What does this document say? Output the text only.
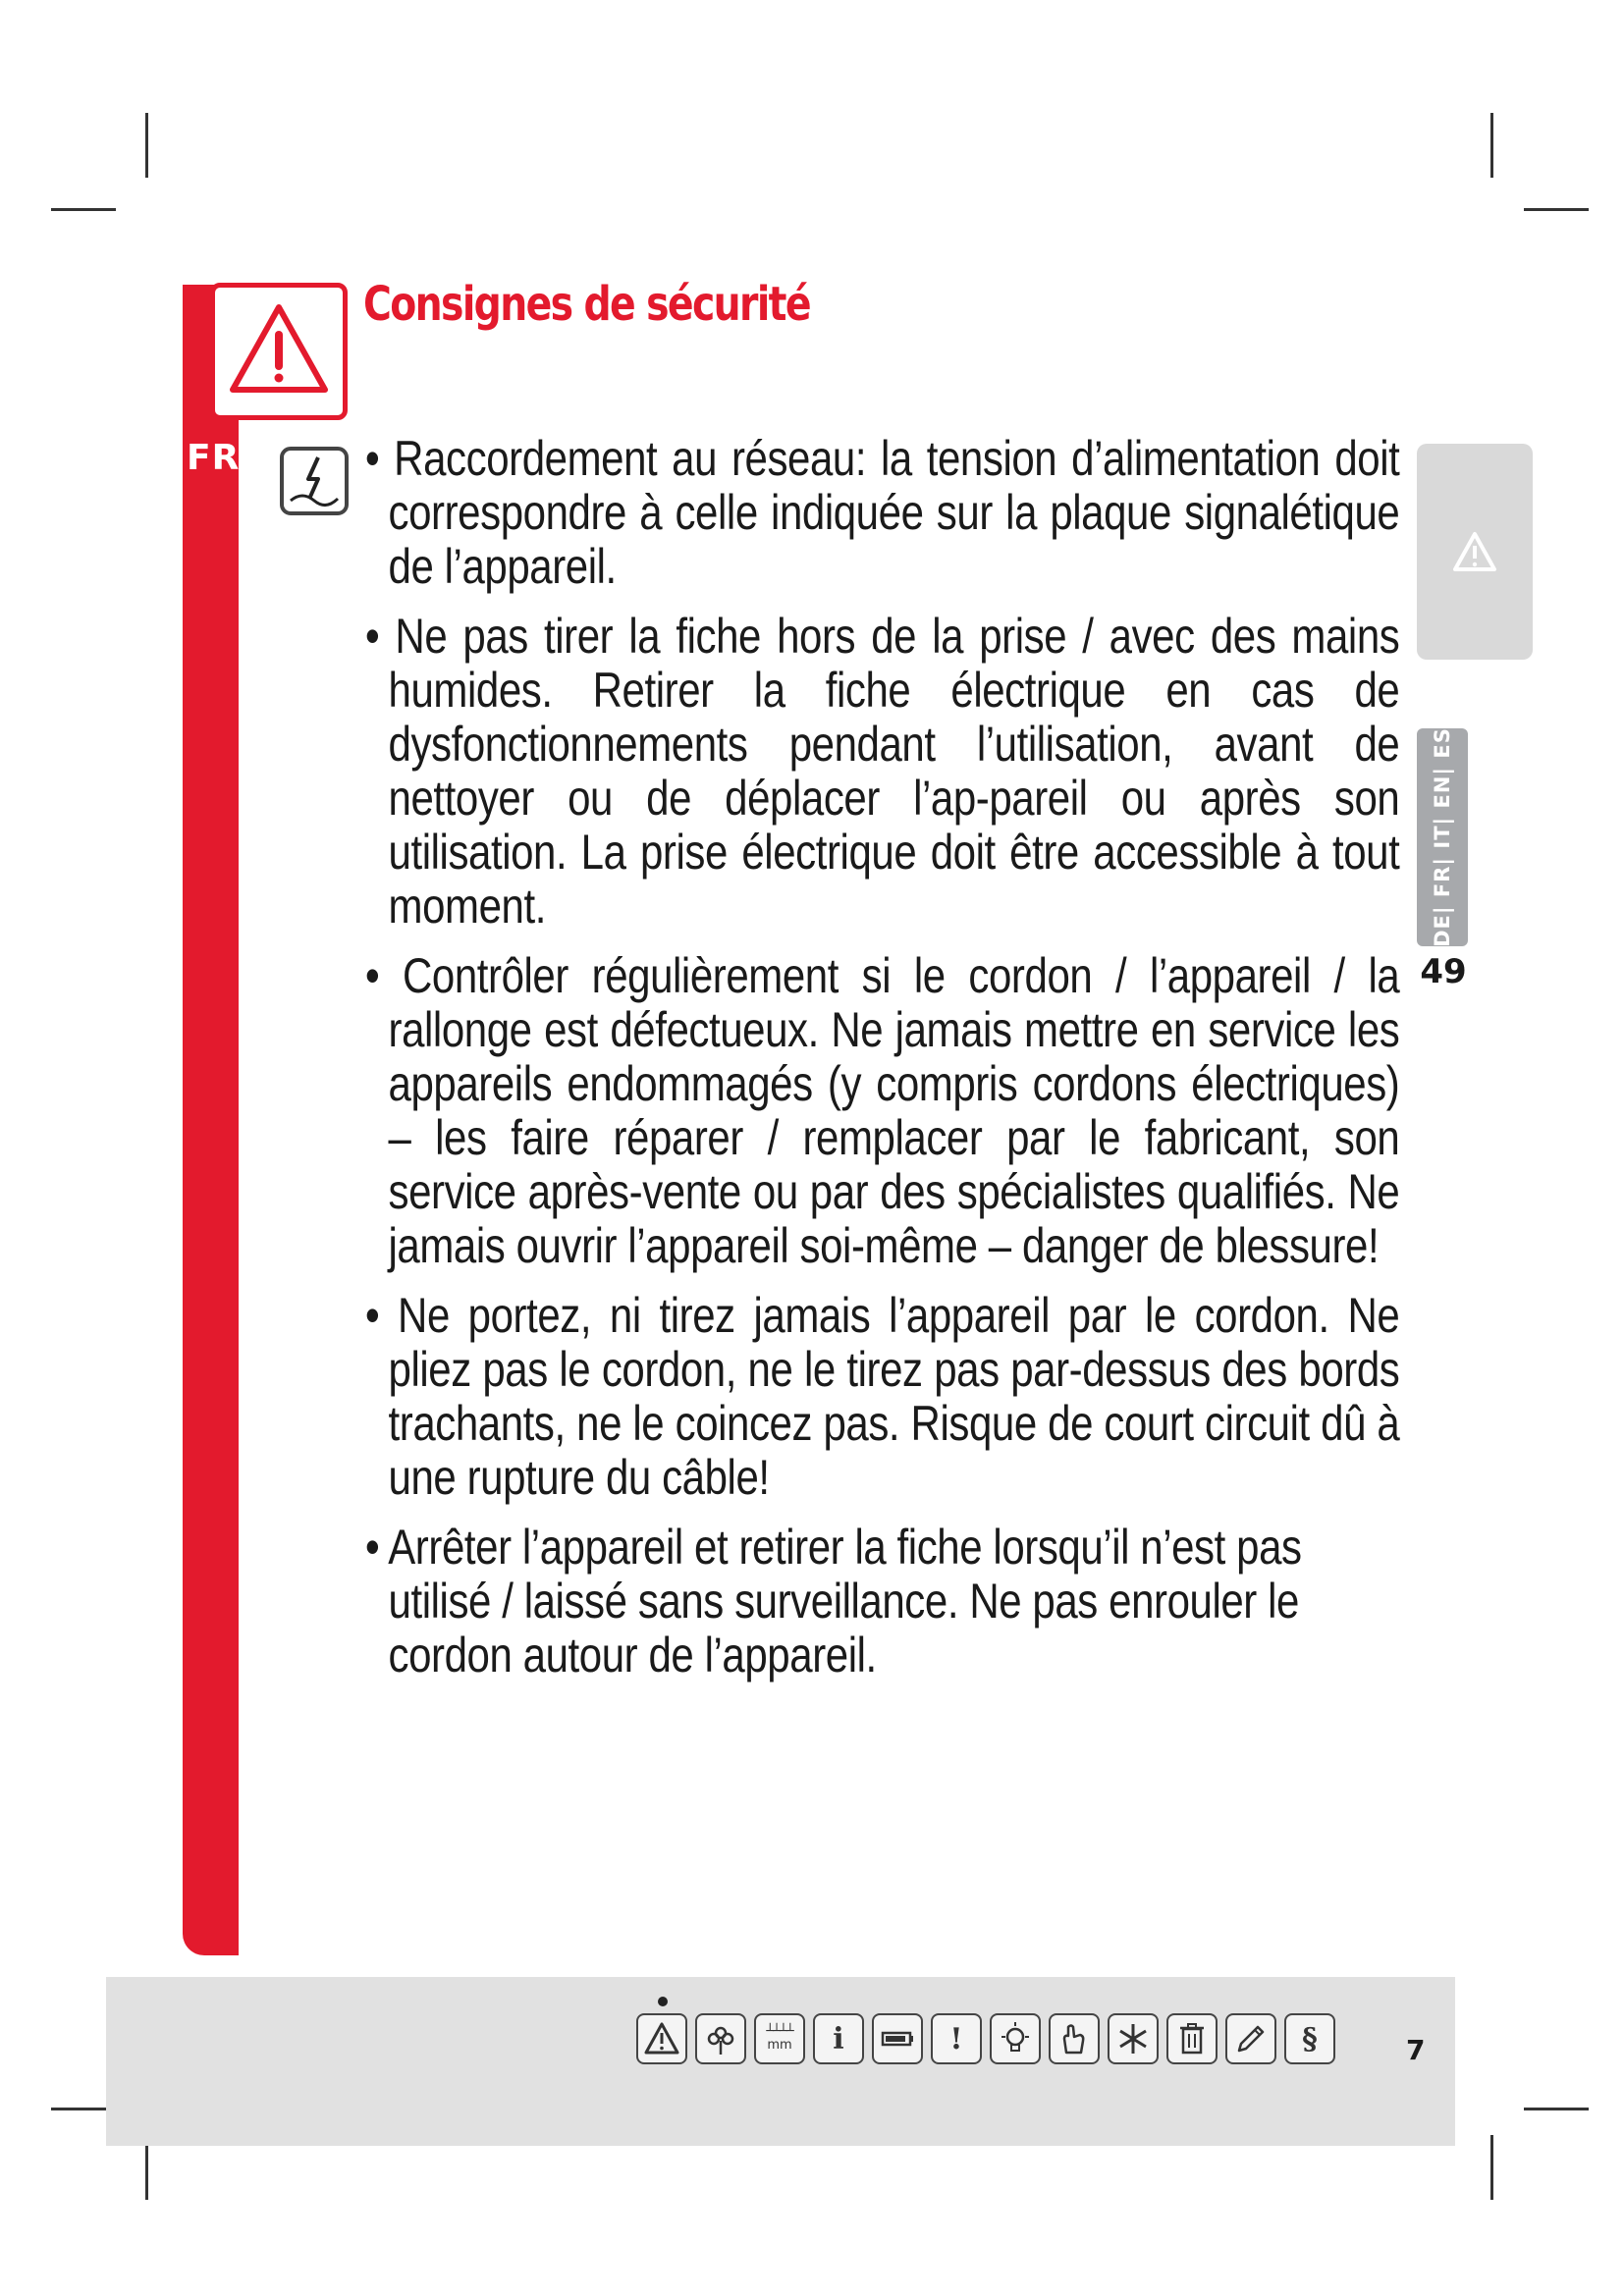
FR
Consignes de sécurité

• Raccordement au réseau: la tension d’alimentation doit correspondre à celle indiquée sur la plaque signalétique de l’appareil.

• Ne pas tirer la fiche hors de la prise / avec des mains humides. Retirer la fiche électrique en cas de dysfonctionnements pendant l’utilisation, avant de nettoyer ou de déplacer l’ap-pareil ou après son utilisation. La prise électrique doit être accessible à tout moment.

• Contrôler régulièrement si le cordon / l’appareil / la rallonge est défectueux. Ne jamais mettre en service les appareils endommagés (y compris cordons électriques) – les faire réparer / remplacer par le fabricant, son service après-vente ou par des spécialistes qualifiés. Ne jamais ouvrir l’appareil soi-même – danger de blessure!

• Ne portez, ni tirez jamais l’appareil par le cordon. Ne pliez pas le cordon, ne le tirez pas par-dessus des bords trachants, ne le coincez pas. Risque de court circuit dû à une rupture du câble!

• Arrêter l’appareil et retirer la fiche lorsqu’il n’est pas utilisé / laissé sans surveillance. Ne pas enrouler le cordon autour de l’appareil.

DE| FR| IT| EN| ES
49
┴┴┴┴
mm	i	!	§	7
